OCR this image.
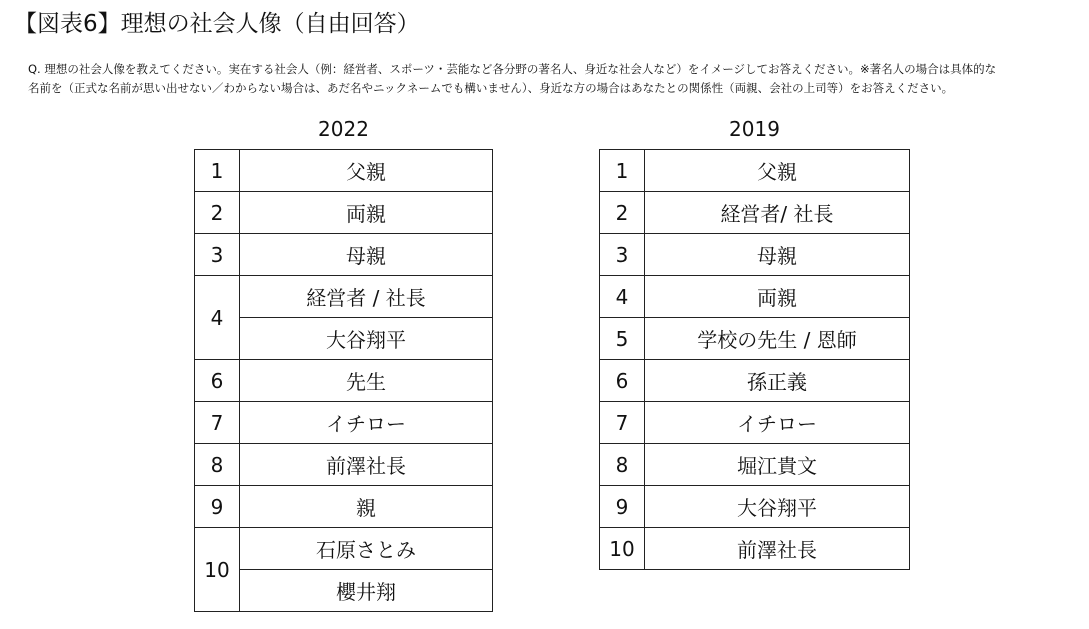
【図表6】理想の社会人像（自由回答）
Q. 理想の社会人像を教えてください。実在する社会人（例：経営者、スポーツ・芸能など各分野の著名人、身近な社会人など）をイメージしてお答えください。※著名人の場合は具体的な
名前を（正式な名前が思い出せない／わからない場合は、あだ名やニックネームでも構いません）、身近な方の場合はあなたとの関係性（両親、会社の上司等）をお答えください。
2022
1	父親
2	両親
3	母親
4	経営者 / 社長
	大谷翔平
6	先生
7	イチロー
8	前澤社長
9	親
10	石原さとみ
	櫻井翔
2019
1	父親
2	経営者/ 社長
3	母親
4	両親
5	学校の先生 / 恩師
6	孫正義
7	イチロー
8	堀江貴文
9	大谷翔平
10	前澤社長
